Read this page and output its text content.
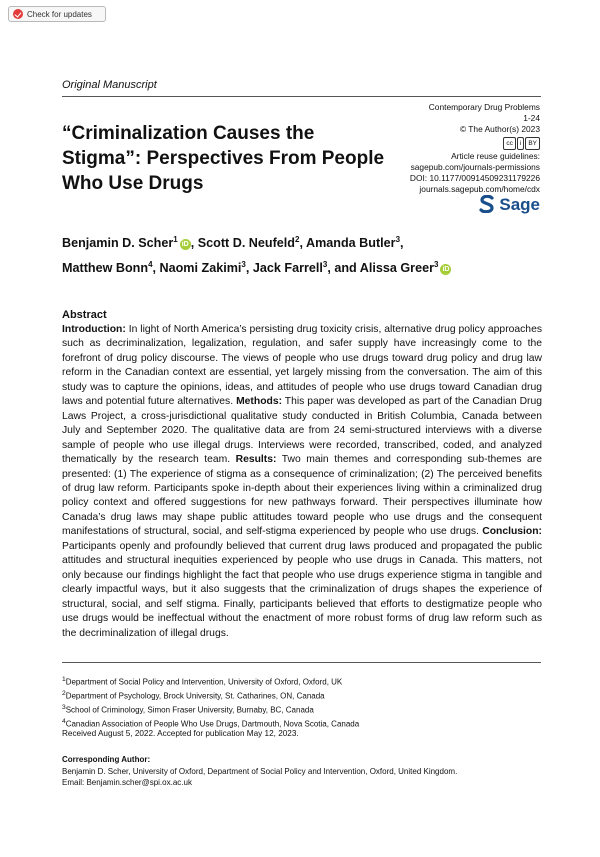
Check for updates
Original Manuscript
“Criminalization Causes the Stigma”: Perspectives From People Who Use Drugs
Contemporary Drug Problems
1-24
© The Author(s) 2023
cc	i	BY
Article reuse guidelines:
sagepub.com/journals-permissions
DOI: 10.1177/00914509231179226
journals.sagepub.com/home/cdx
Sage
Benjamin D. Scher$^1$iD , Scott D. Neufeld$^2$, Amanda Butler$^3$,
Matthew Bonn$^4$, Naomi Zakimi$^3$, Jack Farrell$^3$, and Alissa Greer$^3$iD
Abstract

Introduction: In light of North America’s persisting drug toxicity crisis, alternative drug policy approaches such as decriminalization, legalization, regulation, and safer supply have increasingly come to the forefront of drug policy discourse. The views of people who use drugs toward drug policy and drug law reform in the Canadian context are essential, yet largely missing from the conversation. The aim of this study was to capture the opinions, ideas, and attitudes of people who use drugs toward Canadian drug laws and potential future alternatives. Methods: This paper was developed as part of the Canadian Drug Laws Project, a cross-jurisdictional qualitative study conducted in British Columbia, Canada between July and September 2020. The qualitative data are from 24 semi-structured interviews with a diverse sample of people who use illegal drugs. Interviews were recorded, transcribed, coded, and analyzed thematically by the research team. Results: Two main themes and corresponding sub-themes are presented: (1) The experience of stigma as a consequence of criminalization; (2) The perceived benefits of drug law reform. Participants spoke in-depth about their experiences living within a criminalized drug policy context and offered suggestions for new pathways forward. Their perspectives illuminate how Canada’s drug laws may shape public attitudes toward people who use drugs and the consequent manifestations of structural, social, and self-stigma experienced by people who use drugs. Conclusion: Participants openly and profoundly believed that current drug laws produced and propagated the public attitudes and structural inequities experienced by people who use drugs in Canada. This matters, not only because our findings highlight the fact that people who use drugs experience stigma in tangible and clearly impactful ways, but it also suggests that the criminalization of drugs shapes the experience of structural, social, and self stigma. Finally, participants believed that efforts to destigmatize people who use drugs would be ineffectual without the enactment of more robust forms of drug law reform such as the decriminalization of illegal drugs.

$^1$Department of Social Policy and Intervention, University of Oxford, Oxford, UK
$^2$Department of Psychology, Brock University, St. Catharines, ON, Canada
$^3$School of Criminology, Simon Fraser University, Burnaby, BC, Canada
$^4$Canadian Association of People Who Use Drugs, Dartmouth, Nova Scotia, Canada
Received August 5, 2022. Accepted for publication May 12, 2023.
Corresponding Author:
Benjamin D. Scher, University of Oxford, Department of Social Policy and Intervention, Oxford, United Kingdom.
Email: Benjamin.scher@spi.ox.ac.uk
